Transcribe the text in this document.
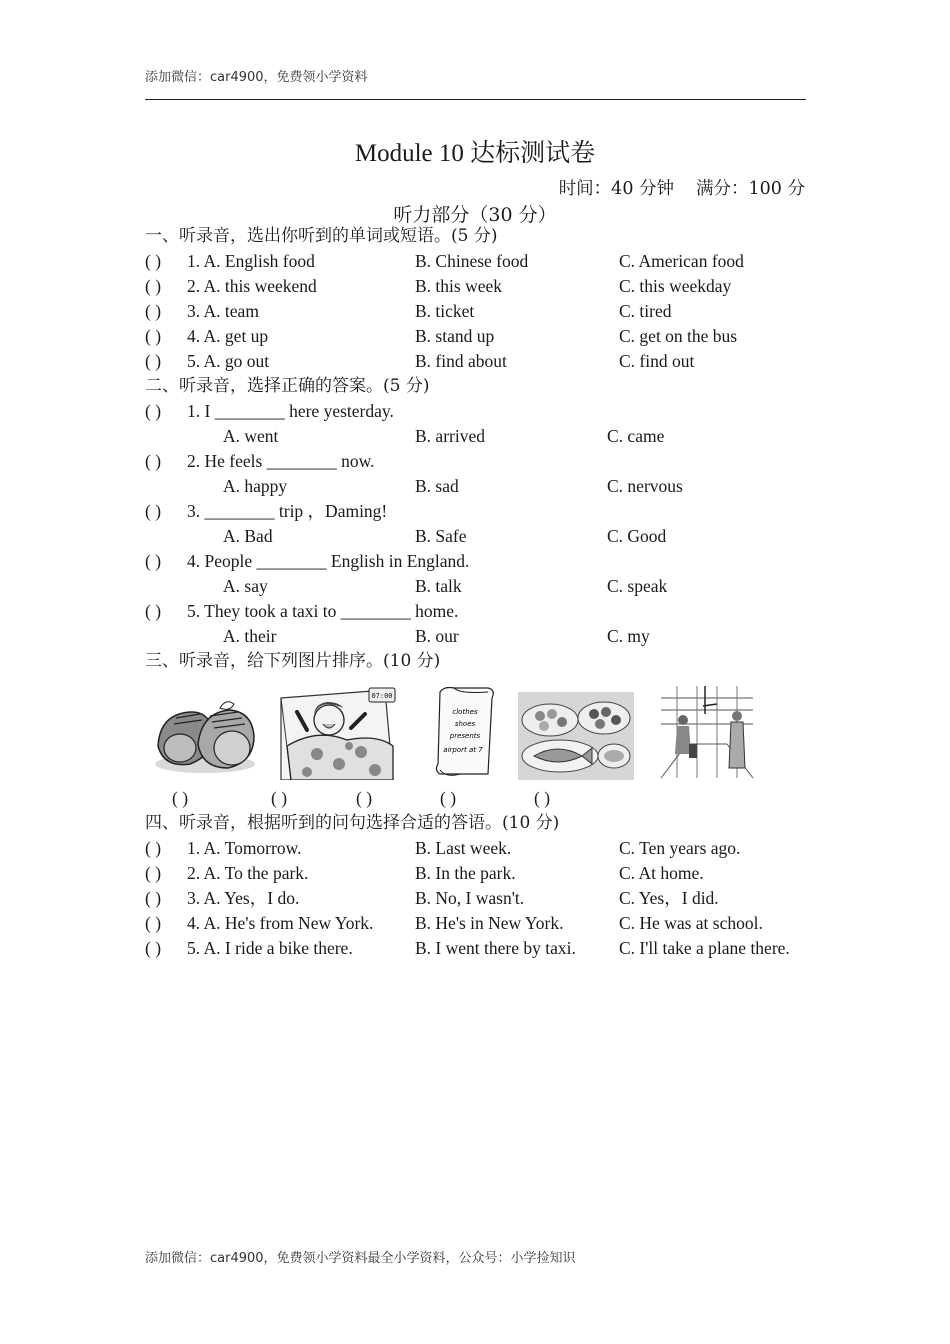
添加微信：car4900，免费领小学资料
Module 10 达标测试卷
时间：40 分钟 满分：100 分
听力部分（30 分）
一、听录音，选出你听到的单词或短语。(5 分)
( ) 1. A. English food	B. Chinese food	C. American food
( ) 2. A. this weekend	B. this week	C. this weekday
( ) 3. A. team	B. ticket	C. tired
( ) 4. A. get up	B. stand up	C. get on the bus
( ) 5. A. go out	B. find about	C. find out
二、听录音，选择正确的答案。(5 分)
( ) 1. I ________ here yesterday.
A. went	B. arrived	C. came
( ) 2. He feels ________ now.
A. happy	B. sad	C. nervous
( ) 3. ________ trip ，Daming!
A. Bad	B. Safe	C. Good
( ) 4. People ________ English in England.
A. say	B. talk	C. speak
( ) 5. They took a taxi to ________ home.
A. their	B. our	C. my
三、听录音，给下列图片排序。(10 分)
07:00
clothes
shoes
presents
airport at 7
( )	( )	( )	( )	( )
四、听录音，根据听到的问句选择合适的答语。(10 分)
( ) 1. A. Tomorrow.	B. Last week.	C. Ten years ago.
( ) 2. A. To the park.	B. In the park.	C. At home.
( ) 3. A. Yes，I do.	B. No, I wasn't.	C. Yes，I did.
( ) 4. A. He's from New York. B. He's in New York.	C. He was at school.
( ) 5. A. I ride a bike there.	B. I went there by taxi. C. I'll take a plane there.
添加微信：car4900，免费领小学资料最全小学资料，公众号：小学捡知识
